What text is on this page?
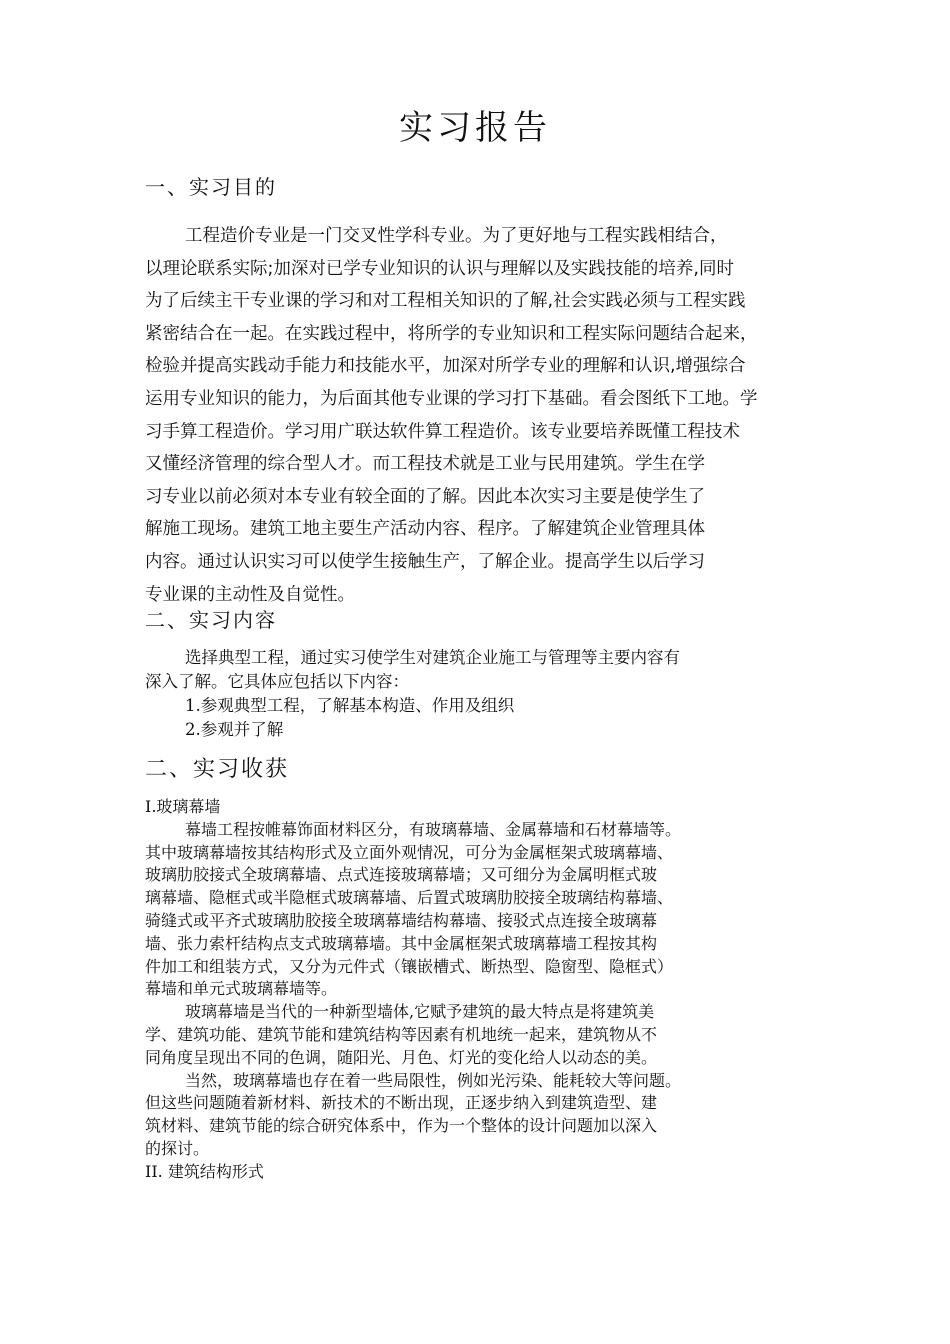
实习报告
一、实习目的
工程造价专业是一门交叉性学科专业。为了更好地与工程实践相结合，
以理论联系实际;加深对已学专业知识的认识与理解以及实践技能的培养,同时
为了后续主干专业课的学习和对工程相关知识的了解,社会实践必须与工程实践
紧密结合在一起。在实践过程中，将所学的专业知识和工程实际问题结合起来，
检验并提高实践动手能力和技能水平，加深对所学专业的理解和认识,增强综合
运用专业知识的能力，为后面其他专业课的学习打下基础。看会图纸下工地。学
习手算工程造价。学习用广联达软件算工程造价。该专业要培养既懂工程技术
又懂经济管理的综合型人才。而工程技术就是工业与民用建筑。学生在学
习专业以前必须对本专业有较全面的了解。因此本次实习主要是使学生了
解施工现场。建筑工地主要生产活动内容、程序。了解建筑企业管理具体
内容。通过认识实习可以使学生接触生产，了解企业。提高学生以后学习
专业课的主动性及自觉性。
二、实习内容
选择典型工程，通过实习使学生对建筑企业施工与管理等主要内容有
深入了解。它具体应包括以下内容：
1.参观典型工程，了解基本构造、作用及组织
2.参观并了解
二、实习收获
I.玻璃幕墙
幕墙工程按帷幕饰面材料区分，有玻璃幕墙、金属幕墙和石材幕墙等。
其中玻璃幕墙按其结构形式及立面外观情况，可分为金属框架式玻璃幕墙、
玻璃肋胶接式全玻璃幕墙、点式连接玻璃幕墙；又可细分为金属明框式玻
璃幕墙、隐框式或半隐框式玻璃幕墙、后置式玻璃肋胶接全玻璃结构幕墙、
骑缝式或平齐式玻璃肋胶接全玻璃幕墙结构幕墙、接驳式点连接全玻璃幕
墙、张力索杆结构点支式玻璃幕墙。其中金属框架式玻璃幕墙工程按其构
件加工和组装方式，又分为元件式（镶嵌槽式、断热型、隐窗型、隐框式）
幕墙和单元式玻璃幕墙等。
玻璃幕墙是当代的一种新型墙体,它赋予建筑的最大特点是将建筑美
学、建筑功能、建筑节能和建筑结构等因素有机地统一起来，建筑物从不
同角度呈现出不同的色调，随阳光、月色、灯光的变化给人以动态的美。
当然，玻璃幕墙也存在着一些局限性，例如光污染、能耗较大等问题。
但这些问题随着新材料、新技术的不断出现，正逐步纳入到建筑造型、建
筑材料、建筑节能的综合研究体系中，作为一个整体的设计问题加以深入
的探讨。
II. 建筑结构形式
